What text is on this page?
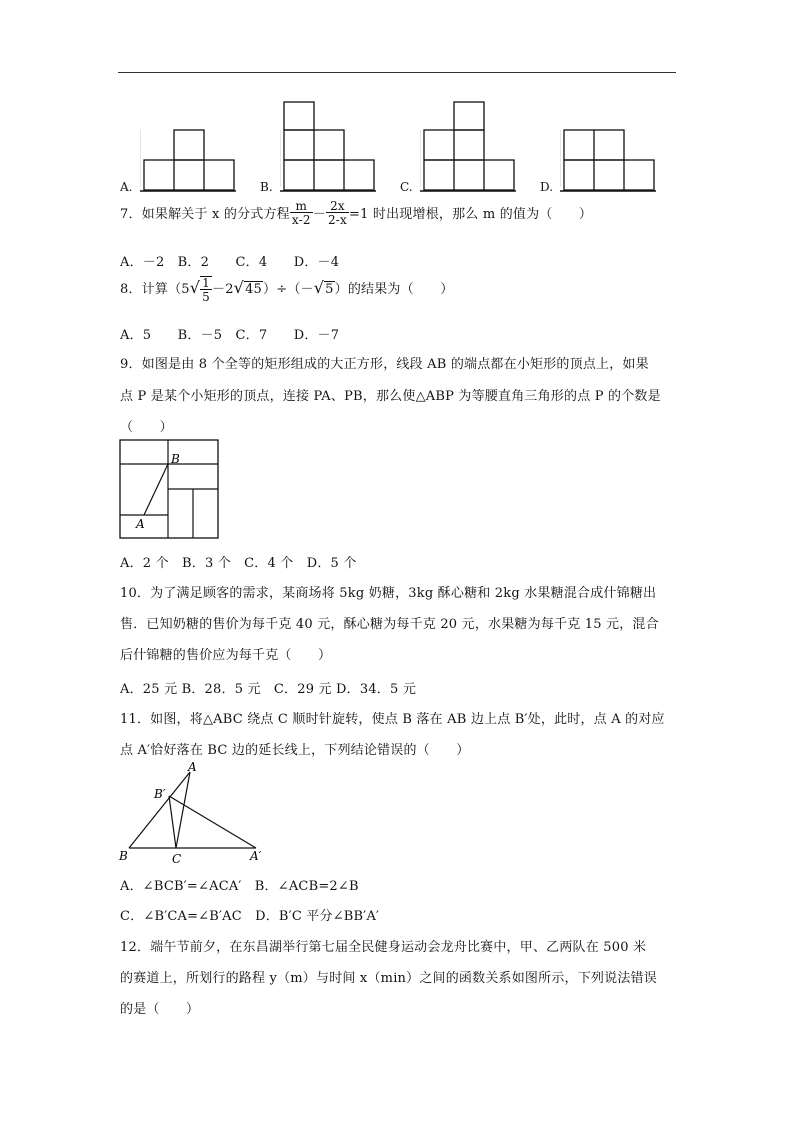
A.	B.	C.	D.
7．如果解关于 x 的分式方程 $\frac{m}{x-2} - \frac{2x}{2-x} =1$ 时出现增根，那么 m 的值为（　　）
A．－2　B．2　　C．4　　D．－4
8．计算$(5√ \frac{1}{5} -2√45)\div(-√5)$的结果为（　　）
A．5　　B．－5　C．7　　D．－7
9．如图是由 8 个全等的矩形组成的大正方形，线段 AB 的端点都在小矩形的顶点上，如果
点 P 是某个小矩形的顶点，连接 PA、PB，那么使△ABP 为等腰直角三角形的点 P 的个数是
（　　）
B
A
A．2 个　B．3 个　C．4 个　D．5 个
10．为了满足顾客的需求，某商场将 5kg 奶糖，3kg 酥心糖和 2kg 水果糖混合成什锦糖出
售．已知奶糖的售价为每千克 40 元，酥心糖为每千克 20 元，水果糖为每千克 15 元，混合
后什锦糖的售价应为每千克（　　）
A．25 元 B．28．5 元　C．29 元 D．34．5 元
11．如图，将△ABC 绕点 C 顺时针旋转，使点 B 落在 AB 边上点 B′处，此时，点 A 的对应
点 A′恰好落在 BC 边的延长线上，下列结论错误的（　　）
A
B′
B	C	A′
A．∠BCB′=∠ACA′　B．∠ACB=2∠B
C．∠B′CA=∠B′AC　D．B′C 平分∠BB′A′
12．端午节前夕，在东昌湖举行第七届全民健身运动会龙舟比赛中，甲、乙两队在 500 米
的赛道上，所划行的路程 y（m）与时间 x（min）之间的函数关系如图所示，下列说法错误
的是（　　）
